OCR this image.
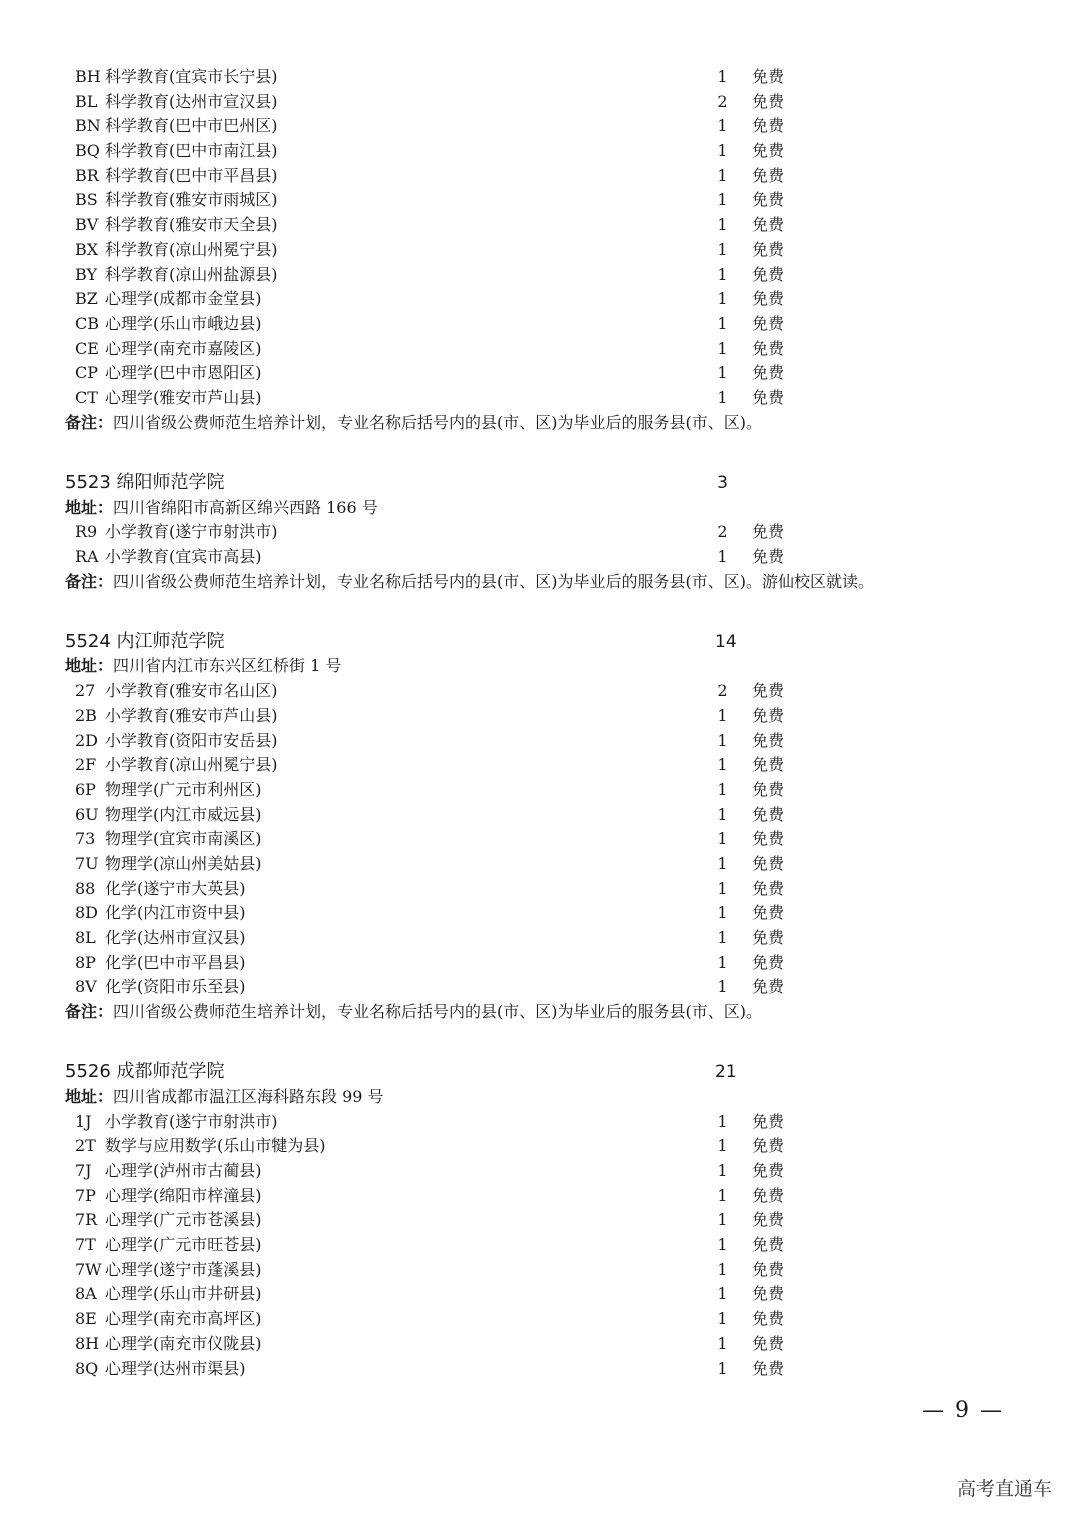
BH 科学教育(宜宾市长宁县)	1 免费
BL 科学教育(达州市宣汉县)	2 免费
BN 科学教育(巴中市巴州区)	1 免费
BQ 科学教育(巴中市南江县)	1 免费
BR 科学教育(巴中市平昌县)	1 免费
BS 科学教育(雅安市雨城区)	1 免费
BV 科学教育(雅安市天全县)	1 免费
BX 科学教育(凉山州冕宁县)	1 免费
BY 科学教育(凉山州盐源县)	1 免费
BZ 心理学(成都市金堂县)	1 免费
CB 心理学(乐山市峨边县)	1 免费
CE 心理学(南充市嘉陵区)	1 免费
CP 心理学(巴中市恩阳区)	1 免费
CT 心理学(雅安市芦山县)	1 免费
备注：四川省级公费师范生培养计划，专业名称后括号内的县(市、区)为毕业后的服务县(市、区)。
5523 绵阳师范学院	3
地址：四川省绵阳市高新区绵兴西路 166 号
R9 小学教育(遂宁市射洪市)	2 免费
RA 小学教育(宜宾市高县)	1 免费
备注：四川省级公费师范生培养计划，专业名称后括号内的县(市、区)为毕业后的服务县(市、区)。游仙校区就读。
5524 内江师范学院	14
地址：四川省内江市东兴区红桥街 1 号
27 小学教育(雅安市名山区)	2 免费
2B 小学教育(雅安市芦山县)	1 免费
2D 小学教育(资阳市安岳县)	1 免费
2F 小学教育(凉山州冕宁县)	1 免费
6P 物理学(广元市利州区)	1 免费
6U 物理学(内江市威远县)	1 免费
73 物理学(宜宾市南溪区)	1 免费
7U 物理学(凉山州美姑县)	1 免费
88 化学(遂宁市大英县)	1 免费
8D 化学(内江市资中县)	1 免费
8L 化学(达州市宣汉县)	1 免费
8P 化学(巴中市平昌县)	1 免费
8V 化学(资阳市乐至县)	1 免费
备注：四川省级公费师范生培养计划，专业名称后括号内的县(市、区)为毕业后的服务县(市、区)。
5526 成都师范学院	21
地址：四川省成都市温江区海科路东段 99 号
1J 小学教育(遂宁市射洪市)	1 免费
2T 数学与应用数学(乐山市犍为县)	1 免费
7J 心理学(泸州市古蔺县)	1 免费
7P 心理学(绵阳市梓潼县)	1 免费
7R 心理学(广元市苍溪县)	1 免费
7T 心理学(广元市旺苍县)	1 免费
7W 心理学(遂宁市蓬溪县)	1 免费
8A 心理学(乐山市井研县)	1 免费
8E 心理学(南充市高坪区)	1 免费
8H 心理学(南充市仪陇县)	1 免费
8Q 心理学(达州市渠县)	1 免费
— 9 —
高考直通车
